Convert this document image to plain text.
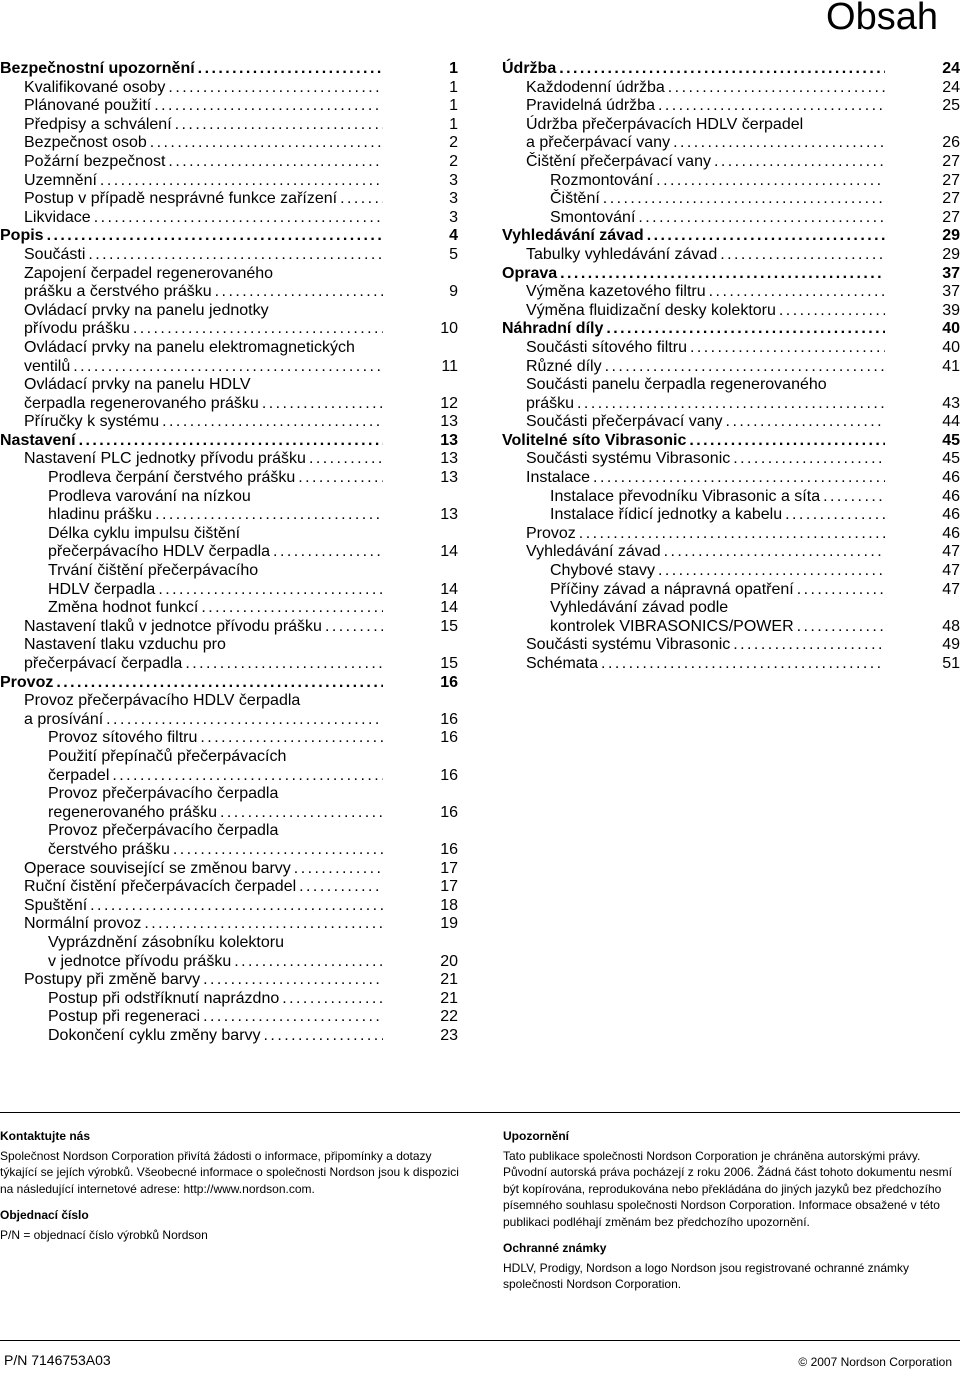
Obsah
Bezpečnostní upozornění . . .	1
Kvalifikované osoby . . .	1
Plánované použití . . .	1
Předpisy a schválení . . .	1
Bezpečnost osob . . .	2
Požární bezpečnost . . .	2
Uzemnění . . .	3
Postup v případě nesprávné funkce zařízení . . .	3
Likvidace . . .	3
Popis . . .	4
Součásti . . .	5
Zapojení čerpadel regenerovaného
prášku a čerstvého prášku . . .	9
Ovládací prvky na panelu jednotky
přívodu prášku . . .	10
Ovládací prvky na panelu elektromagnetických
ventilů . . .	11
Ovládací prvky na panelu HDLV
čerpadla regenerovaného prášku . . .	12
Příručky k systému . . .	13
Nastavení . . .	13
Nastavení PLC jednotky přívodu prášku . . .	13
Prodleva čerpání čerstvého prášku . . .	13
Prodleva varování na nízkou
hladinu prášku . . .	13
Délka cyklu impulsu čištění
přečerpávacího HDLV čerpadla . . .	14
Trvání čištění přečerpávacího
HDLV čerpadla . . .	14
Změna hodnot funkcí . . .	14
Nastavení tlaků v jednotce přívodu prášku . . .	15
Nastavení tlaku vzduchu pro
přečerpávací čerpadla . . .	15
Provoz . . .	16
Provoz přečerpávacího HDLV čerpadla
a prosívání . . .	16
Provoz sítového filtru . . .	16
Použití přepínačů přečerpávacích
čerpadel . . .	16
Provoz přečerpávacího čerpadla
regenerovaného prášku . . .	16
Provoz přečerpávacího čerpadla
čerstvého prášku . . .	16
Operace související se změnou barvy . . .	17
Ruční čistění přečerpávacích čerpadel . . .	17
Spuštění . . .	18
Normální provoz . . .	19
Vyprázdnění zásobníku kolektoru
v jednotce přívodu prášku . . .	20
Postupy při změně barvy . . .	21
Postup při odstříknutí naprázdno . . .	21
Postup při regeneraci . . .	22
Dokončení cyklu změny barvy . . .	23
Údržba . . .	24
Každodenní údržba . . .	24
Pravidelná údržba . . .	25
Údržba přečerpávacích HDLV čerpadel
a přečerpávací vany . . .	26
Čištění přečerpávací vany . . .	27
Rozmontování . . .	27
Čištění . . .	27
Smontování . . .	27
Vyhledávání závad . . .	29
Tabulky vyhledávání závad . . .	29
Oprava . . .	37
Výměna kazetového filtru . . .	37
Výměna fluidizační desky kolektoru . . .	39
Náhradní díly . . .	40
Součásti sítového filtru . . .	40
Různé díly . . .	41
Součásti panelu čerpadla regenerovaného
prášku . . .	43
Součásti přečerpávací vany . . .	44
Volitelné síto Vibrasonic . . .	45
Součásti systému Vibrasonic . . .	45
Instalace . . .	46
Instalace převodníku Vibrasonic a síta . . .	46
Instalace řídicí jednotky a kabelu . . .	46
Provoz . . .	46
Vyhledávání závad . . .	47
Chybové stavy . . .	47
Příčiny závad a nápravná opatření . . .	47
Vyhledávání závad podle
kontrolek VIBRASONICS/POWER . . .	48
Součásti systému Vibrasonic . . .	49
Schémata . . .	51
Kontaktujte nás

Společnost Nordson Corporation přivítá žádosti o informace, připomínky a dotazy týkající se jejích výrobků. Všeobecné informace o společnosti Nordson jsou k dispozici na následující internetové adrese: http://www.nordson.com.

Objednací číslo

P/N = objednací číslo výrobků Nordson

Upozornění

Tato publikace společnosti Nordson Corporation je chráněna autorskými právy. Původní autorská práva pocházejí z roku 2006. Žádná část tohoto dokumentu nesmí být kopírována, reprodukována nebo překládána do jiných jazyků bez předchozího písemného souhlasu společnosti Nordson Corporation. Informace obsažené v této publikaci podléhají změnám bez předchozího upozornění.

Ochranné známky

HDLV, Prodigy, Nordson a logo Nordson jsou registrované ochranné známky společnosti Nordson Corporation.

P/N 7146753A03	© 2007 Nordson Corporation
